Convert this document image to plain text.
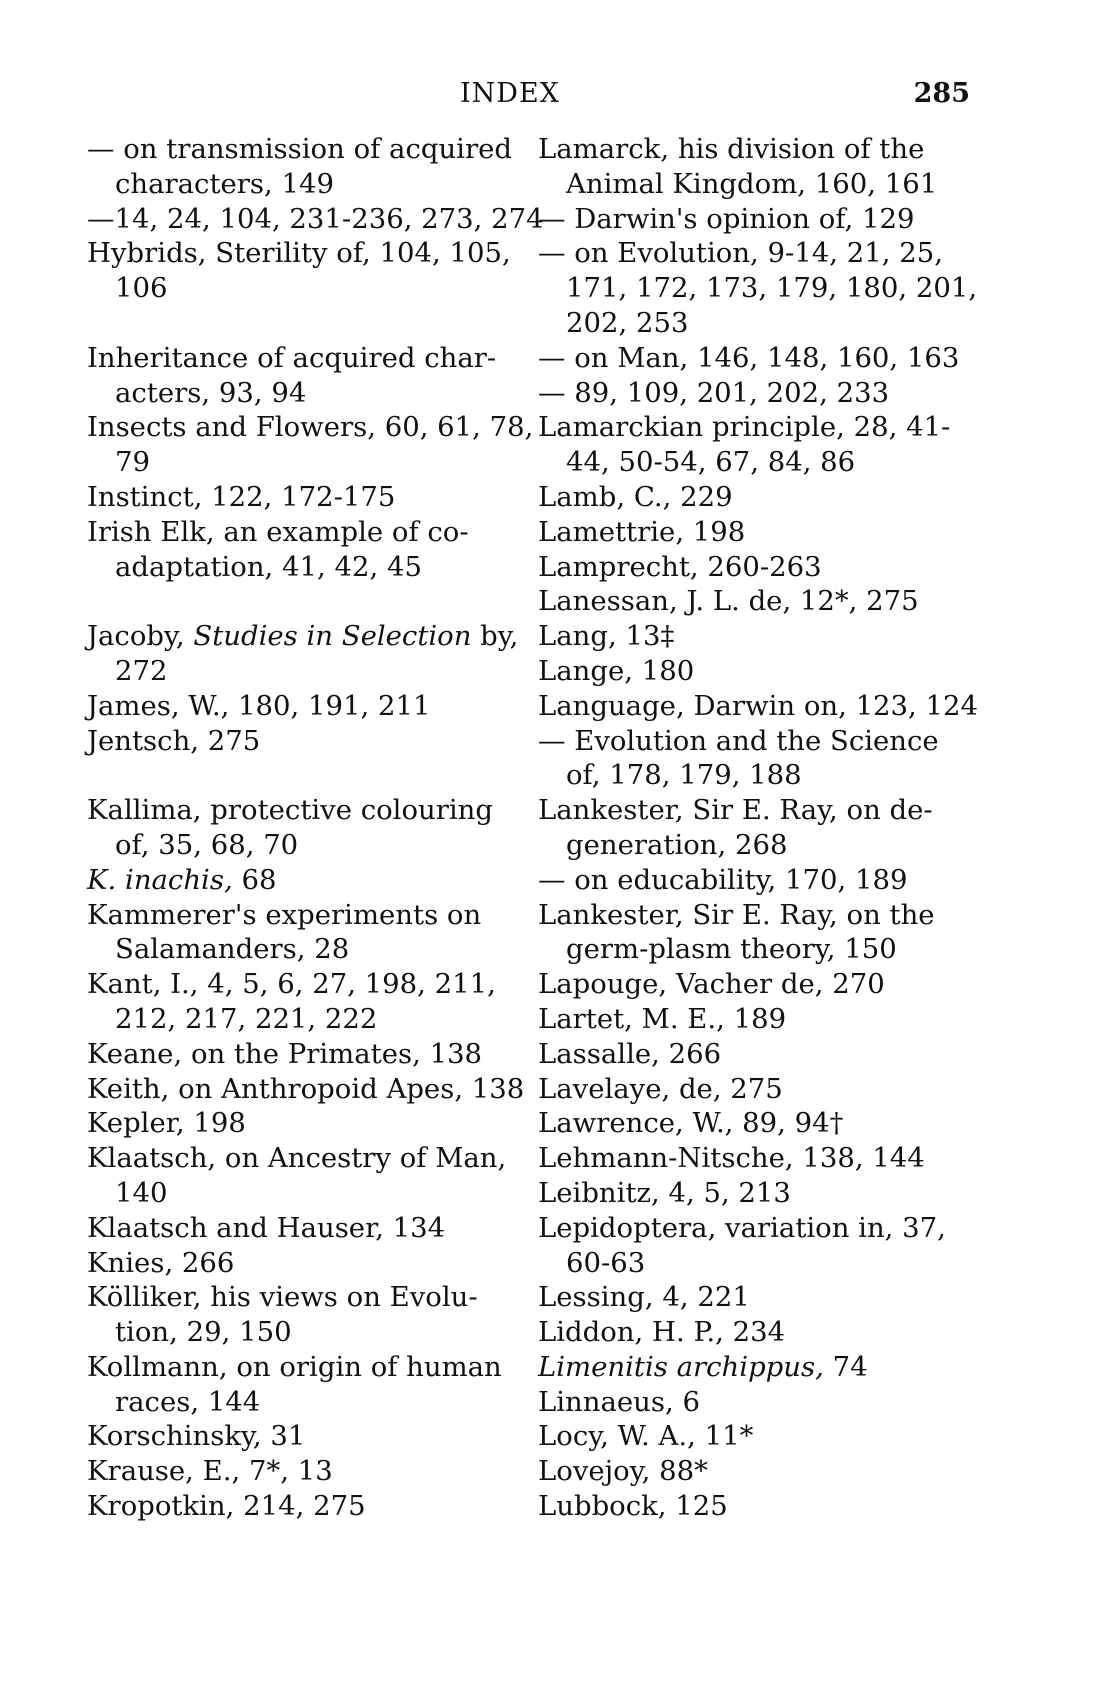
INDEX	285
— on transmission of acquired
characters, 149
—14, 24, 104, 231-236, 273, 274
Hybrids, Sterility of, 104, 105,
106
Inheritance of acquired char-
acters, 93, 94
Insects and Flowers, 60, 61, 78,
79
Instinct, 122, 172-175
Irish Elk, an example of co-
adaptation, 41, 42, 45
Jacoby, Studies in Selection by,
272
James, W., 180, 191, 211
Jentsch, 275
Kallima, protective colouring
of, 35, 68, 70
K. inachis, 68
Kammerer's experiments on
Salamanders, 28
Kant, I., 4, 5, 6, 27, 198, 211,
212, 217, 221, 222
Keane, on the Primates, 138
Keith, on Anthropoid Apes, 138
Kepler, 198
Klaatsch, on Ancestry of Man,
140
Klaatsch and Hauser, 134
Knies, 266
Kölliker, his views on Evolu-
tion, 29, 150
Kollmann, on origin of human
races, 144
Korschinsky, 31
Krause, E., 7*, 13
Kropotkin, 214, 275
Lamarck, his division of the
Animal Kingdom, 160, 161
— Darwin's opinion of, 129
— on Evolution, 9-14, 21, 25,
171, 172, 173, 179, 180, 201,
202, 253
— on Man, 146, 148, 160, 163
— 89, 109, 201, 202, 233
Lamarckian principle, 28, 41-
44, 50-54, 67, 84, 86
Lamb, C., 229
Lamettrie, 198
Lamprecht, 260-263
Lanessan, J. L. de, 12*, 275
Lang, 13‡
Lange, 180
Language, Darwin on, 123, 124
— Evolution and the Science
of, 178, 179, 188
Lankester, Sir E. Ray, on de-
generation, 268
— on educability, 170, 189
Lankester, Sir E. Ray, on the
germ-plasm theory, 150
Lapouge, Vacher de, 270
Lartet, M. E., 189
Lassalle, 266
Lavelaye, de, 275
Lawrence, W., 89, 94†
Lehmann-Nitsche, 138, 144
Leibnitz, 4, 5, 213
Lepidoptera, variation in, 37,
60-63
Lessing, 4, 221
Liddon, H. P., 234
Limenitis archippus, 74
Linnaeus, 6
Locy, W. A., 11*
Lovejoy, 88*
Lubbock, 125
